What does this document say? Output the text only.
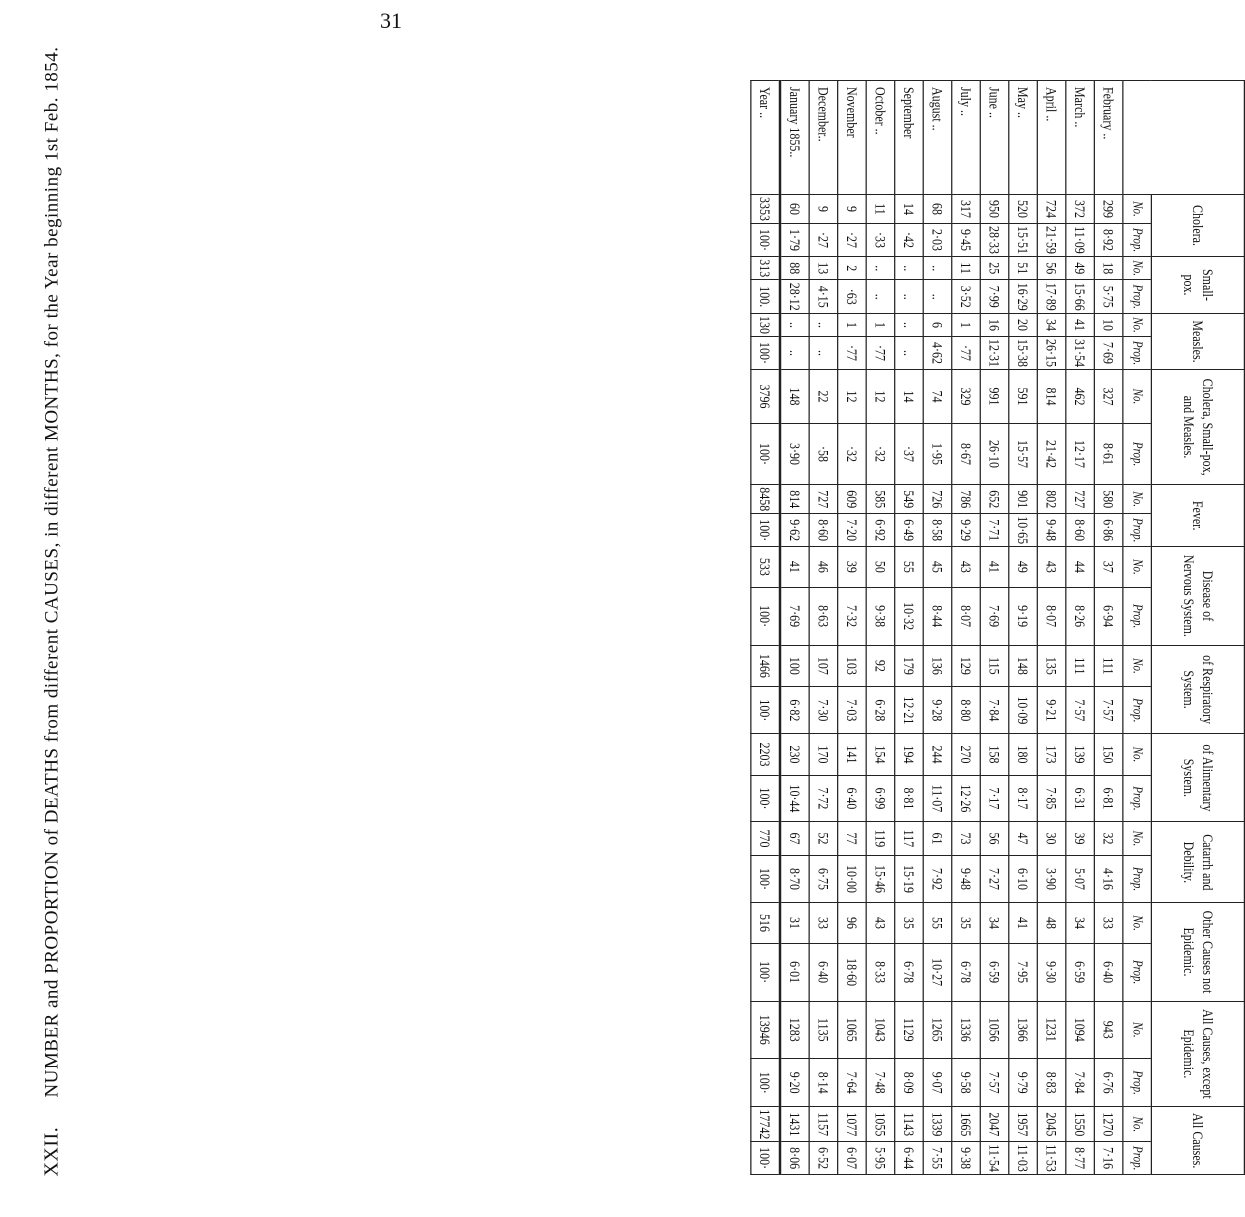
31
XXII. NUMBER and PROPORTION of DEATHS from different CAUSES, in different MONTHS, for the Year beginning 1st Feb. 1854.
		Cholera.		Small-pox.		Measles.		Cholera, Small-pox, and Measles.		Fever.		Disease of Nervous System.		of Respiratory System.		of Alimentary System.		Catarrh and Debility.		Other Causes not Epidemic.		All Causes, except Epidemic.		All Causes.	
	No.	Prop.	No.	Prop.	No.	Prop.	No.	Prop.	No.	Prop.	No.	Prop.	No.	Prop.	No.	Prop.	No.	Prop.	No.	Prop.	No.	Prop.	No.	Prop.
February ..	299	8·92	18	5·75	10	7·69	327	8·61	580	6·86	37	6·94	111	7·57	150	6·81	32	4·16	33	6·40	943	6·76	1270	7·16
March ..	372	11·09	49	15·66	41	31·54	462	12·17	727	8·60	44	8·26	111	7·57	139	6·31	39	5·07	34	6·59	1094	7·84	1550	8·77
April ..	724	21·59	56	17·89	34	26·15	814	21·42	802	9·48	43	8·07	135	9·21	173	7·85	30	3·90	48	9·30	1231	8·83	2045	11·53
May ..	520	15·51	51	16·29	20	15·38	591	15·57	901	10·65	49	9·19	148	10·09	180	8·17	47	6·10	41	7·95	1366	9·79	1957	11·03
June ..	950	28·33	25	7·99	16	12·31	991	26·10	652	7·71	41	7·69	115	7·84	158	7·17	56	7·27	34	6·59	1056	7·57	2047	11·54
July ..	317	9·45	11	3·52	1	·77	329	8·67	786	9·29	43	8·07	129	8·80	270	12·26	73	9·48	35	6·78	1336	9·58	1665	9·38
August ..	68	2·03	..	..	6	4·62	74	1·95	726	8·58	45	8·44	136	9·28	244	11·07	61	7·92	55	10·27	1265	9·07	1339	7·55
September	14	·42	..	..	..	..	14	·37	549	6·49	55	10·32	179	12·21	194	8·81	117	15·19	35	6·78	1129	8·09	1143	6·44
October ..	11	·33	..	..	1	·77	12	·32	585	6·92	50	9·38	92	6·28	154	6·99	119	15·46	43	8·33	1043	7·48	1055	5·95
November	9	·27	2	·63	1	·77	12	·32	609	7·20	39	7·32	103	7·03	141	6·40	77	10·00	96	18·60	1065	7·64	1077	6·07
December..	9	·27	13	4·15	..	..	22	·58	727	8·60	46	8·63	107	7·30	170	7·72	52	6·75	33	6·40	1135	8·14	1157	6·52
January 1855..	60	1·79	88	28·12	..	..	148	3·90	814	9·62	41	7·69	100	6·82	230	10·44	67	8·70	31	6·01	1283	9·20	1431	8·06
Year ..	3353	100·	313	100.	130	100·	3796	100·	8458	100·	533	100·	1466	100·	2203	100·	770	100·	516	100·	13946	100·	17742	100·
